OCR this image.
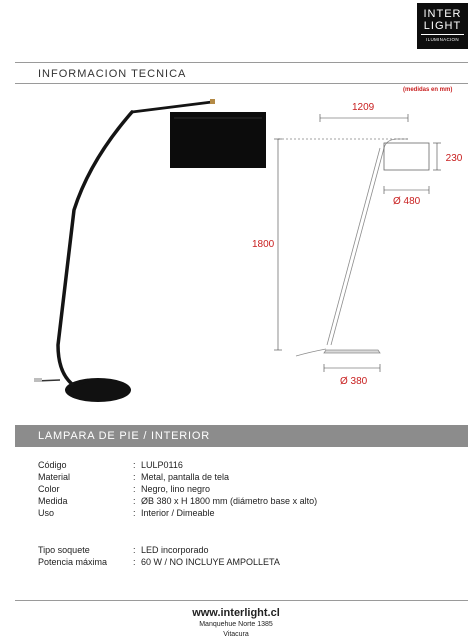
INTER
LIGHT
ILUMINACION
INFORMACION TECNICA
(medidas en mm)
1209
230
Ø 480
1800
Ø 380
LAMPARA DE PIE / INTERIOR
Código	: LULP0116
Material	: Metal, pantalla de tela
Color	: Negro, lino negro
Medida	: ØB 380 x H 1800 mm (diámetro base x alto)
Uso	: Interior / Dimeable
Tipo soquete	: LED incorporado
Potencia máxima	: 60 W / NO INCLUYE AMPOLLETA
www.interlight.cl
Manquehue Norte 1385
Vitacura
